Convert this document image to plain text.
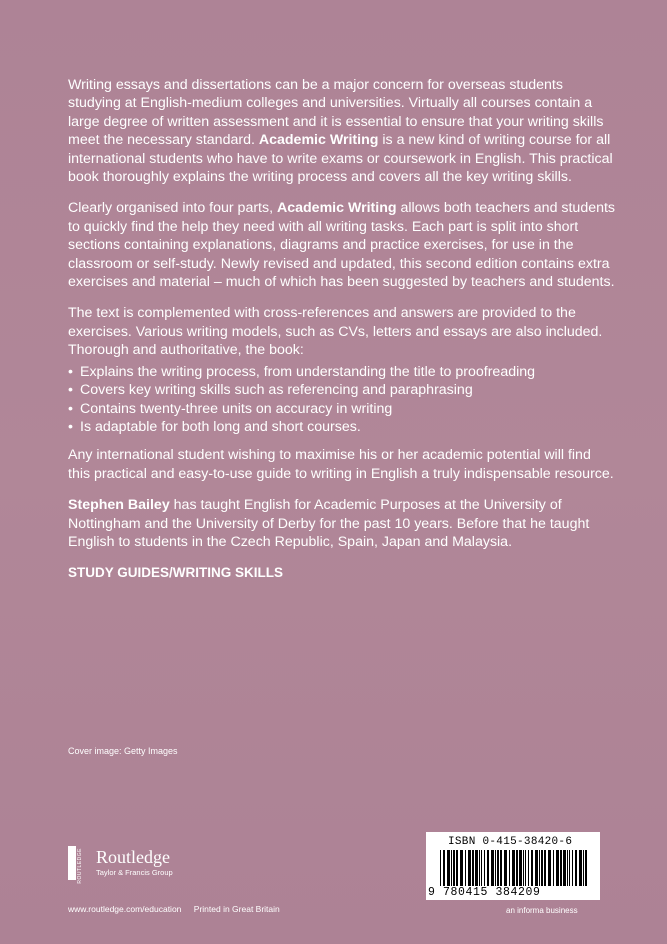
Writing essays and dissertations can be a major concern for overseas students studying at English-medium colleges and universities. Virtually all courses contain a large degree of written assessment and it is essential to ensure that your writing skills meet the necessary standard. Academic Writing is a new kind of writing course for all international students who have to write exams or coursework in English. This practical book thoroughly explains the writing process and covers all the key writing skills.

Clearly organised into four parts, Academic Writing allows both teachers and students to quickly find the help they need with all writing tasks. Each part is split into short sections containing explanations, diagrams and practice exercises, for use in the classroom or self-study. Newly revised and updated, this second edition contains extra exercises and material – much of which has been suggested by teachers and students.

The text is complemented with cross-references and answers are provided to the exercises. Various writing models, such as CVs, letters and essays are also included. Thorough and authoritative, the book:

• Explains the writing process, from understanding the title to proofreading
• Covers key writing skills such as referencing and paraphrasing
• Contains twenty-three units on accuracy in writing
• Is adaptable for both long and short courses.

Any international student wishing to maximise his or her academic potential will find this practical and easy-to-use guide to writing in English a truly indispensable resource.

Stephen Bailey has taught English for Academic Purposes at the University of Nottingham and the University of Derby for the past 10 years. Before that he taught English to students in the Czech Republic, Spain, Japan and Malaysia.

STUDY GUIDES/WRITING SKILLS
Cover image: Getty Images
ROUTLEDGE Routledge
Taylor & Francis Group
www.routledge.com/education Printed in Great Britain
ISBN 0-415-38420-6
9 780415 384209
an informa business
